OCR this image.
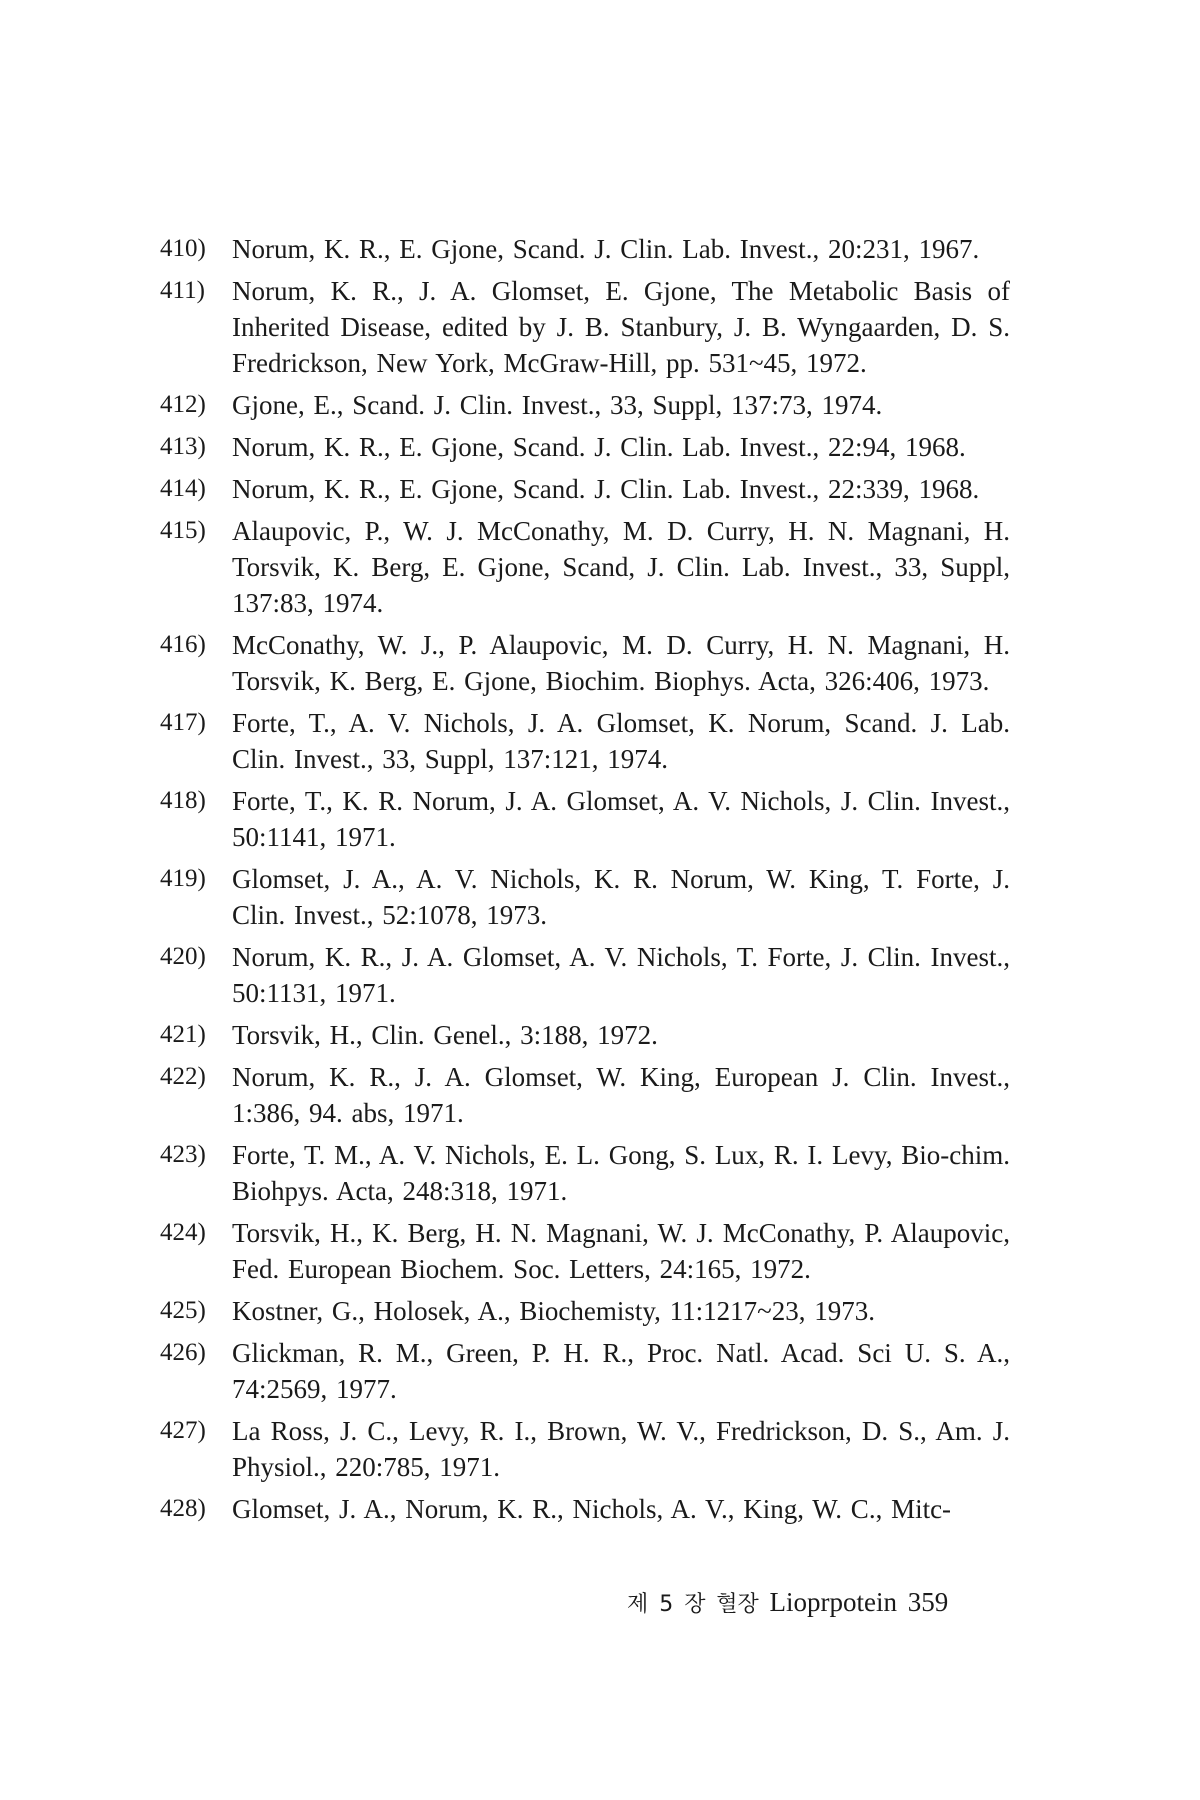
410) Norum, K. R., E. Gjone, Scand. J. Clin. Lab. Invest., 20:231, 1967.
411)	Norum, K. R., J. A. Glomset, E. Gjone, The Metabolic Basis of Inherited Disease, edited by J. B. Stanbury, J. B. Wyngaarden, D. S. Fredrickson, New York, McGraw-Hill, pp. 531~45, 1972.
412) Gjone, E., Scand. J. Clin. Invest., 33, Suppl, 137:73, 1974.
413) Norum, K. R., E. Gjone, Scand. J. Clin. Lab. Invest., 22:94, 1968.
414) Norum, K. R., E. Gjone, Scand. J. Clin. Lab. Invest., 22:339, 1968.
415) Alaupovic, P., W. J. McConathy, M. D. Curry, H. N. Magnani, H. Torsvik, K. Berg, E. Gjone, Scand, J. Clin. Lab. Invest., 33, Suppl, 137:83, 1974.
416) McConathy, W. J., P. Alaupovic, M. D. Curry, H. N. Magnani, H. Torsvik, K. Berg, E. Gjone, Biochim. Biophys. Acta, 326:406, 1973.
417) Forte, T., A. V. Nichols, J. A. Glomset, K. Norum, Scand. J. Lab. Clin. Invest., 33, Suppl, 137:121, 1974.
418) Forte, T., K. R. Norum, J. A. Glomset, A. V. Nichols, J. Clin. Invest., 50:1141, 1971.
419) Glomset, J. A., A. V. Nichols, K. R. Norum, W. King, T. Forte, J. Clin. Invest., 52:1078, 1973.
420) Norum, K. R., J. A. Glomset, A. V. Nichols, T. Forte, J. Clin. Invest., 50:1131, 1971.
421) Torsvik, H., Clin. Genel., 3:188, 1972.
422) Norum, K. R., J. A. Glomset, W. King, European J. Clin. Invest., 1:386, 94. abs, 1971.
423) Forte, T. M., A. V. Nichols, E. L. Gong, S. Lux, R. I. Levy, Bio-chim. Biohpys. Acta, 248:318, 1971.
424) Torsvik, H., K. Berg, H. N. Magnani, W. J. McConathy, P. Alaupovic, Fed. European Biochem. Soc. Letters, 24:165, 1972.
425) Kostner, G., Holosek, A., Biochemisty, 11:1217~23, 1973.
426) Glickman, R. M., Green, P. H. R., Proc. Natl. Acad. Sci U. S. A., 74:2569, 1977.
427) La Ross, J. C., Levy, R. I., Brown, W. V., Fredrickson, D. S., Am. J. Physiol., 220:785, 1971.
428) Glomset, J. A., Norum, K. R., Nichols, A. V., King, W. C., Mitc-
제 5 장 혈장 Lioprpotein 359
